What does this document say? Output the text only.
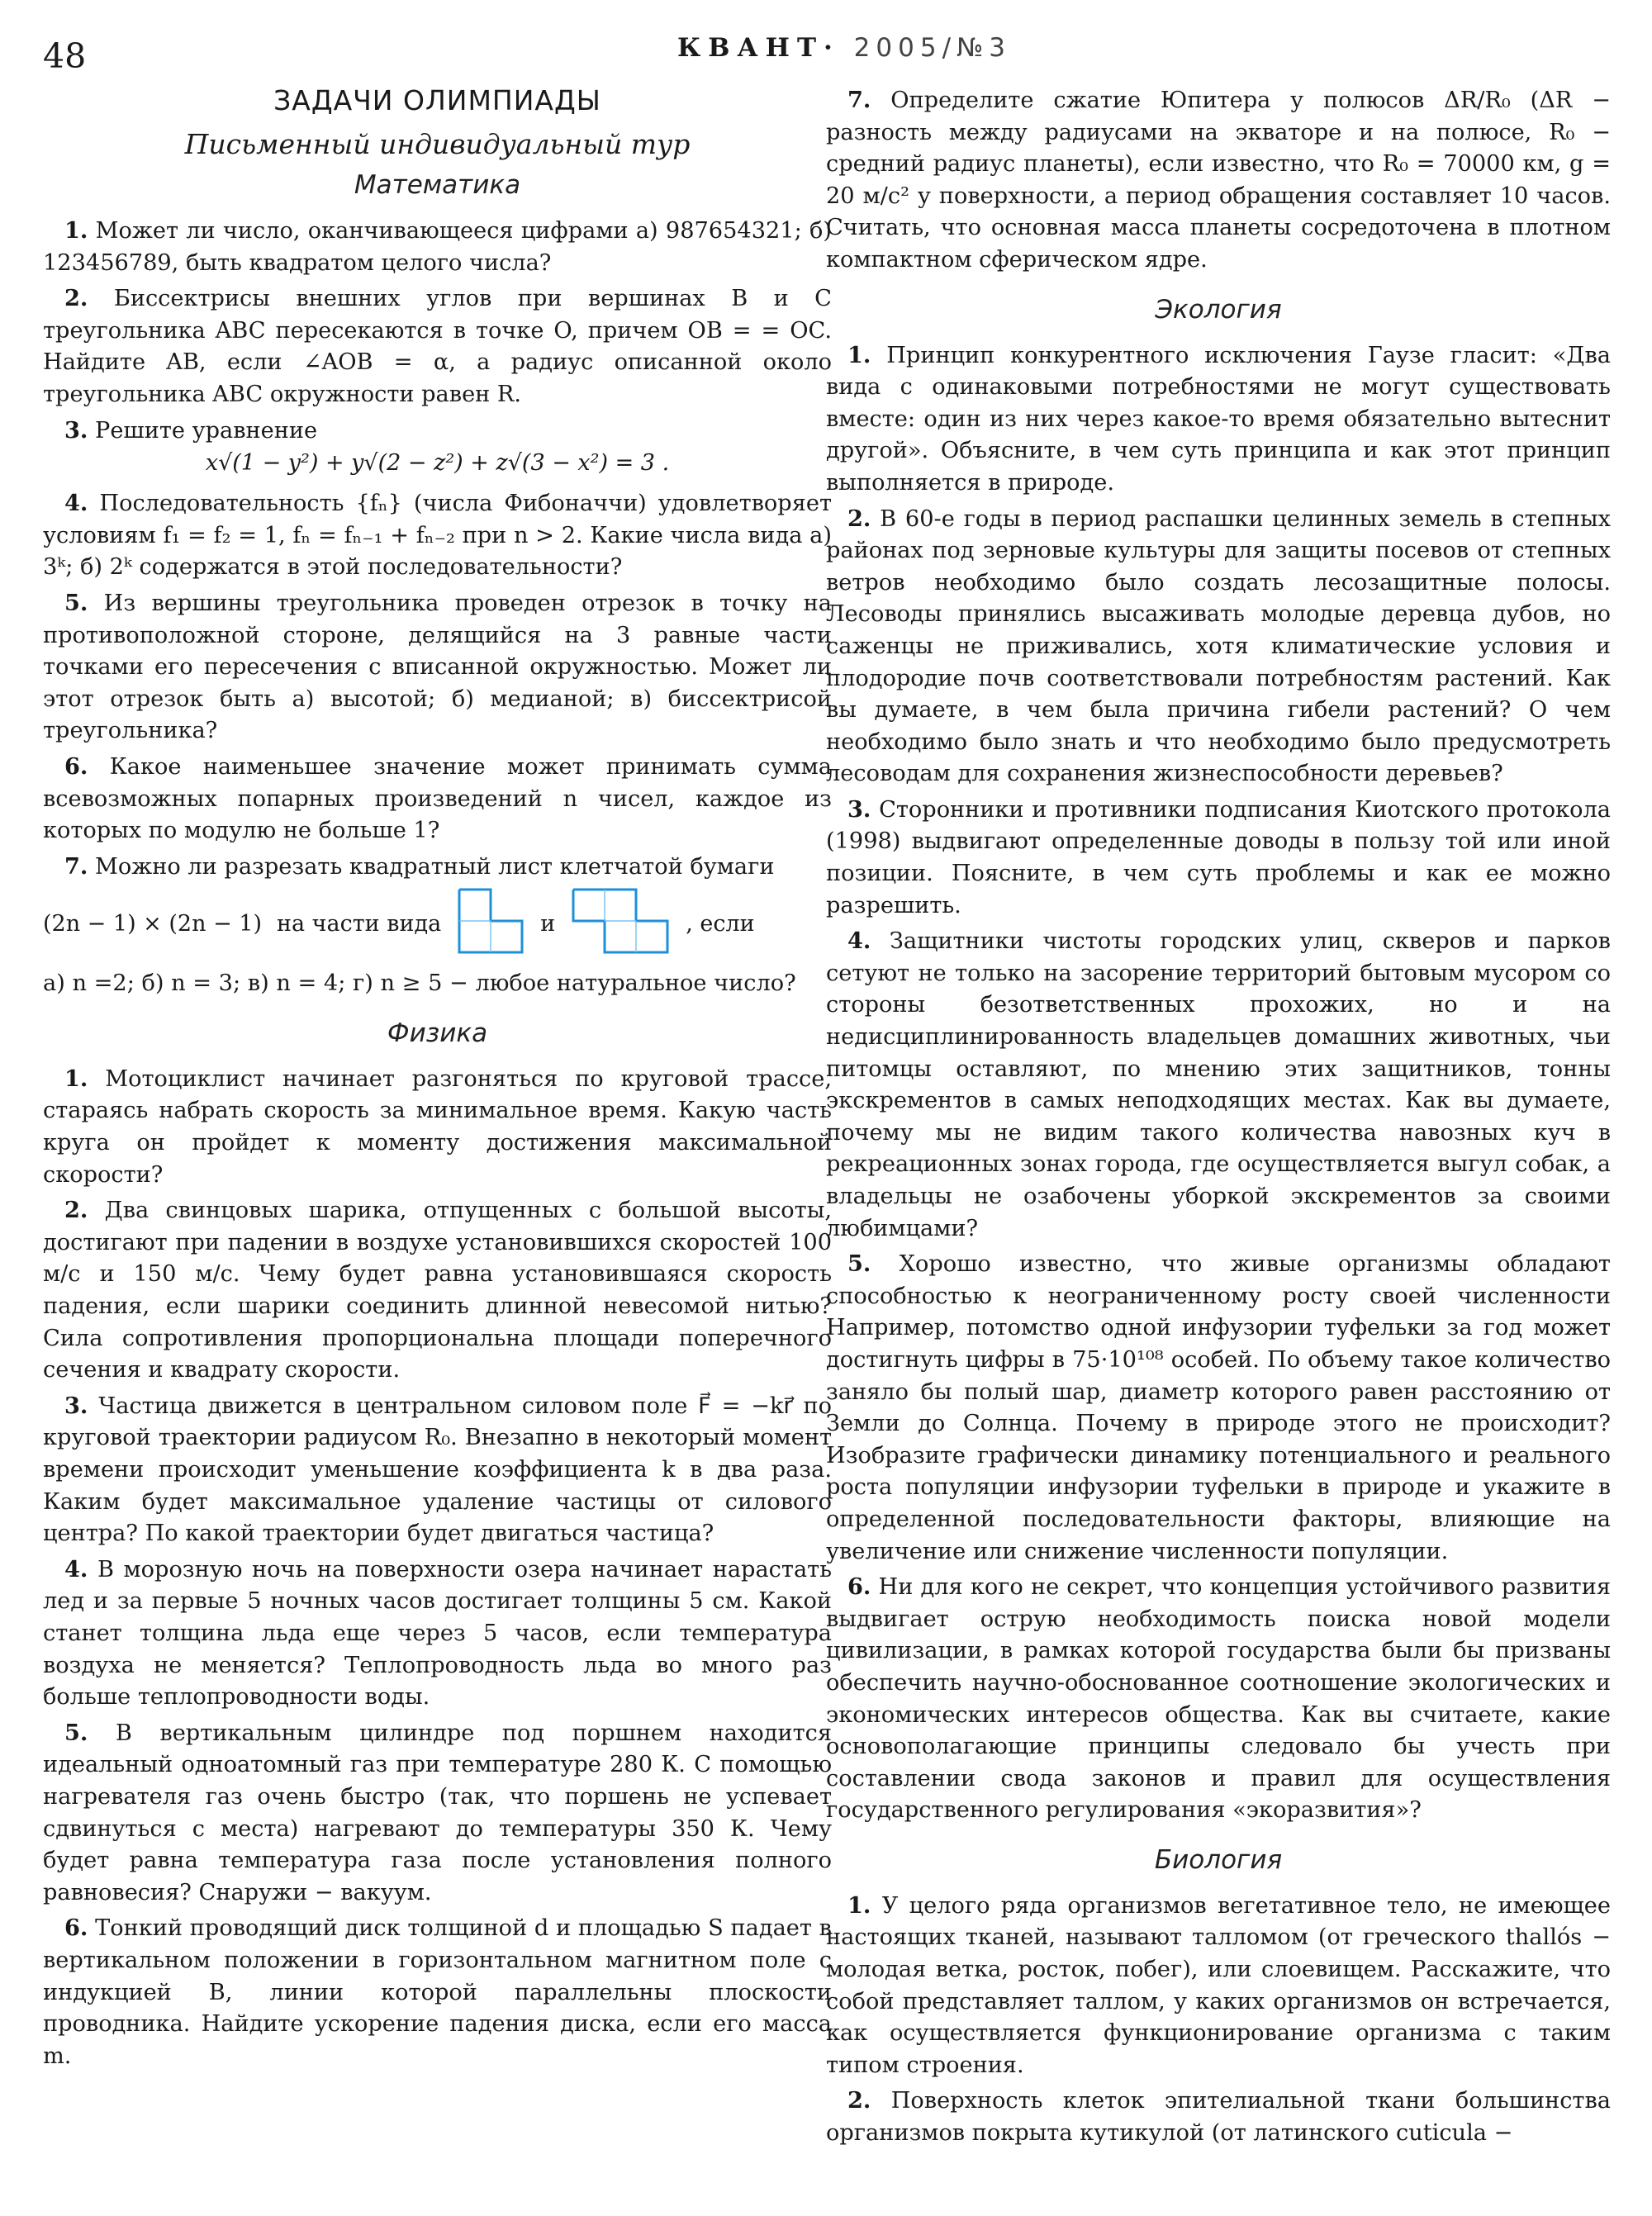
48	КВАНТ· 2005/№3
ЗАДАЧИ ОЛИМПИАДЫ
Письменный индивидуальный тур
Математика

1. Может ли число, оканчивающееся цифрами а) 987654321; б) 123456789, быть квадратом целого числа?

2. Биссектрисы внешних углов при вершинах B и C треугольника ABC пересекаются в точке O, причем OB = = OC. Найдите AB, если ∠AOB = α, а радиус описанной около треугольника ABC окружности равен R.

3. Решите уравнение

x√(1 − y²) + y√(2 − z²) + z√(3 − x²) = 3 .

4. Последовательность {fₙ} (числа Фибоначчи) удовлетворяет условиям f₁ = f₂ = 1, fₙ = fₙ₋₁ + fₙ₋₂ при n > 2. Какие числа вида а) 3ᵏ; б) 2ᵏ содержатся в этой последовательности?

5. Из вершины треугольника проведен отрезок в точку на противоположной стороне, делящийся на 3 равные части точками его пересечения с вписанной окружностью. Может ли этот отрезок быть а) высотой; б) медианой; в) биссектрисой треугольника?

6. Какое наименьшее значение может принимать сумма всевозможных попарных произведений n чисел, каждое из которых по модулю не больше 1?

7. Можно ли разрезать квадратный лист клетчатой бумаги

(2n − 1) × (2n − 1) на части вида	и	, если

а) n =2; б) n = 3; в) n = 4; г) n ≥ 5 − любое натуральное число?

Физика

1. Мотоциклист начинает разгоняться по круговой трассе, стараясь набрать скорость за минимальное время. Какую часть круга он пройдет к моменту достижения максимальной скорости?

2. Два свинцовых шарика, отпущенных с большой высоты, достигают при падении в воздухе установившихся скоростей 100 м/с и 150 м/с. Чему будет равна установившаяся скорость падения, если шарики соединить длинной невесомой нитью? Сила сопротивления пропорциональна площади поперечного сечения и квадрату скорости.

3. Частица движется в центральном силовом поле F⃗ = −kr⃗ по круговой траектории радиусом R₀. Внезапно в некоторый момент времени происходит уменьшение коэффициента k в два раза. Каким будет максимальное удаление частицы от силового центра? По какой траектории будет двигаться частица?

4. В морозную ночь на поверхности озера начинает нарастать лед и за первые 5 ночных часов достигает толщины 5 см. Какой станет толщина льда еще через 5 часов, если температура воздуха не меняется? Теплопроводность льда во много раз больше теплопроводности воды.

5. В вертикальным цилиндре под поршнем находится идеальный одноатомный газ при температуре 280 К. С помощью нагревателя газ очень быстро (так, что поршень не успевает сдвинуться с места) нагревают до температуры 350 К. Чему будет равна температура газа после установления полного равновесия? Снаружи − вакуум.

6. Тонкий проводящий диск толщиной d и площадью S падает в вертикальном положении в горизонтальном магнитном поле с индукцией B, линии которой параллельны плоскости проводника. Найдите ускорение падения диска, если его масса m.

7. Определите сжатие Юпитера у полюсов ΔR/R₀ (ΔR − разность между радиусами на экваторе и на полюсе, R₀ − средний радиус планеты), если известно, что R₀ = 70000 км, g = 20 м/с² у поверхности, а период обращения составляет 10 часов. Считать, что основная масса планеты сосредоточена в плотном компактном сферическом ядре.

Экология

1. Принцип конкурентного исключения Гаузе гласит: «Два вида с одинаковыми потребностями не могут существовать вместе: один из них через какое-то время обязательно вытеснит другой». Объясните, в чем суть принципа и как этот принцип выполняется в природе.

2. В 60-е годы в период распашки целинных земель в степных районах под зерновые культуры для защиты посевов от степных ветров необходимо было создать лесозащитные полосы. Лесоводы принялись высаживать молодые деревца дубов, но саженцы не приживались, хотя климатические условия и плодородие почв соответствовали потребностям растений. Как вы думаете, в чем была причина гибели растений? О чем необходимо было знать и что необходимо было предусмотреть лесоводам для сохранения жизнеспособности деревьев?

3. Сторонники и противники подписания Киотского протокола (1998) выдвигают определенные доводы в пользу той или иной позиции. Поясните, в чем суть проблемы и как ее можно разрешить.

4. Защитники чистоты городских улиц, скверов и парков сетуют не только на засорение территорий бытовым мусором со стороны безответственных прохожих, но и на недисциплинированность владельцев домашних животных, чьи питомцы оставляют, по мнению этих защитников, тонны экскрементов в самых неподходящих местах. Как вы думаете, почему мы не видим такого количества навозных куч в рекреационных зонах города, где осуществляется выгул собак, а владельцы не озабочены уборкой экскрементов за своими любимцами?

5. Хорошо известно, что живые организмы обладают способностью к неограниченному росту своей численности Например, потомство одной инфузории туфельки за год может достигнуть цифры в 75·10¹⁰⁸ особей. По объему такое количество заняло бы полый шар, диаметр которого равен расстоянию от Земли до Солнца. Почему в природе этого не происходит? Изобразите графически динамику потенциального и реального роста популяции инфузории туфельки в природе и укажите в определенной последовательности факторы, влияющие на увеличение или снижение численности популяции.

6. Ни для кого не секрет, что концепция устойчивого развития выдвигает острую необходимость поиска новой модели цивилизации, в рамках которой государства были бы призваны обеспечить научно-обоснованное соотношение экологических и экономических интересов общества. Как вы считаете, какие основополагающие принципы следовало бы учесть при составлении свода законов и правил для осуществления государственного регулирования «экоразвития»?

Биология

1. У целого ряда организмов вегетативное тело, не имеющее настоящих тканей, называют талломом (от греческого thallós − молодая ветка, росток, побег), или слоевищем. Расскажите, что собой представляет таллом, у каких организмов он встречается, как осуществляется функционирование организма с таким типом строения.

2. Поверхность клеток эпителиальной ткани большинства организмов покрыта кутикулой (от латинского cuticula −
